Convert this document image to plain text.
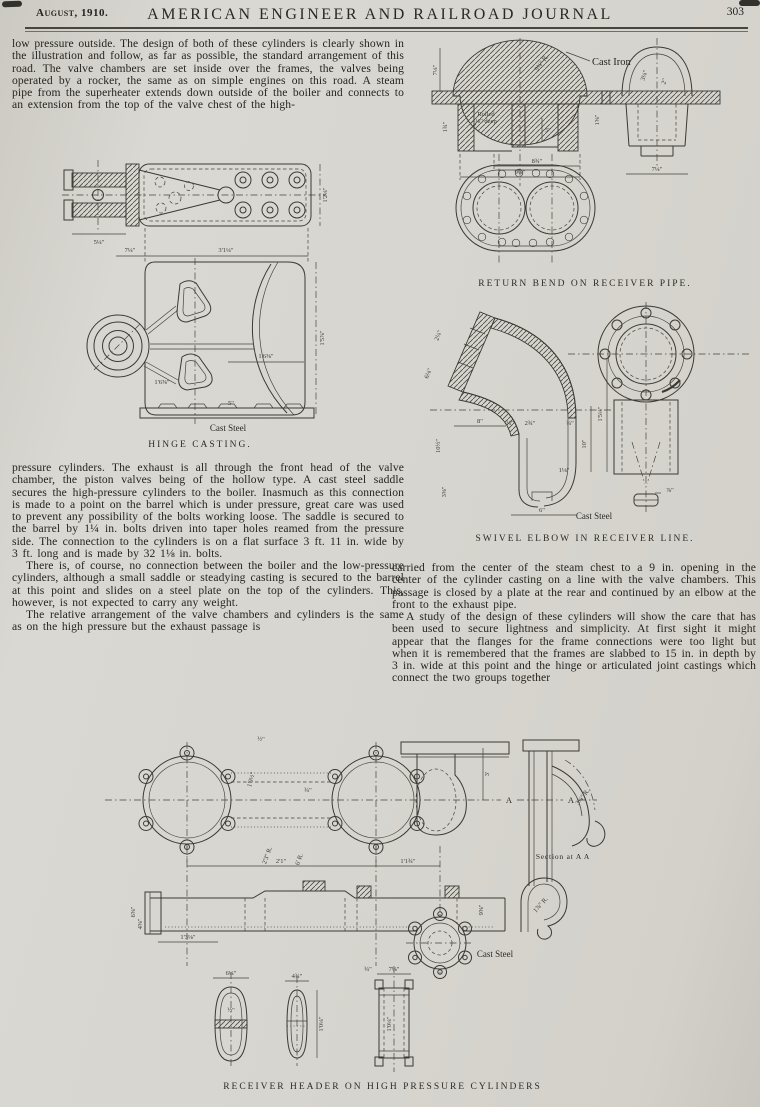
August, 1910.	AMERICAN ENGINEER AND RAILROAD JOURNAL	303

low pressure outside. The design of both of these cylinders is clearly shown in the illustration and follow, as far as possible, the standard arrangement of this road. The valve chambers are set inside over the frames, the valves being operated by a rocker, the same as on simple engines on this road. A steam pipe from the superheater extends down outside of the boiler and connects to an extension from the top of the valve chest of the high-

1'2¼"
5¼"
7¼"	3'1¼"
1'6⅜"
1'6⅝"
1'5⅞"
5"
Cast Steel
HINGE CASTING.

pressure cylinders. The exhaust is all through the front head of the valve chamber, the piston valves being of the hollow type. A cast steel saddle secures the high-pressure cylinders to the boiler. Inasmuch as this connection is made to a point on the barrel which is under pressure, great care was used to prevent any possibility of the bolts working loose. The saddle is secured to the barrel by 1¼ in. bolts driven into taper holes reamed from the pressure side. The connection to the cylinders is on a flat surface 3 ft. 11 in. wide by 3 ft. long and is made by 32 1⅛ in. bolts.

There is, of course, no connection between the boiler and the low-pressure cylinders, although a small saddle or steadying casting is secured to the barrel at this point and slides on a steel plate on the top of the cylinders. This, however, is not expected to carry any weight.

The relative arrangement of the valve chambers and cylinders is the same as on the high pressure but the exhaust passage is

5"
Cast Iron
9¼" R.
Rolled
⅛" deep
7¼"
1¾"
8¾"
9¼"
3¼" 2"
7¼"
1⅝"
RETURN BEND ON RECEIVER PIPE.
2¼"
6⅛"
8"	2¾"
¾"	¾"
10"
1'5¼"
10½"
3⅝"
1⅛"
6"
Cast Steel
⅞"
SWIVEL ELBOW IN RECEIVER LINE.

carried from the center of the steam chest to a 9 in. opening in the center of the cylinder casting on a line with the valve chambers. This passage is closed by a plate at the rear and continued by an elbow at the front to the exhaust pipe.

A study of the design of these cylinders will show the care that has been used to secure lightness and simplicity. At first sight it might appear that the flanges for the frame connections were too light but when it is remembered that the frames are slabbed to 15 in. in depth by 3 in. wide at this point and the hinge or articulated joint castings which connect the two groups together

A	A
½"
1'0½"
¾"
2'3" R.	6' R.
3'
3¼" R.
Section at A A
1⅞" R.
2'1"	1'1¾"
1'3⅛"
6⅝"
4⅝"
Cast Steel
9⅝"
½"
6¼"	4¾"
1'0¼"	1'0¼"
7⅛"
¾"
RECEIVER HEADER ON HIGH PRESSURE CYLINDERS
